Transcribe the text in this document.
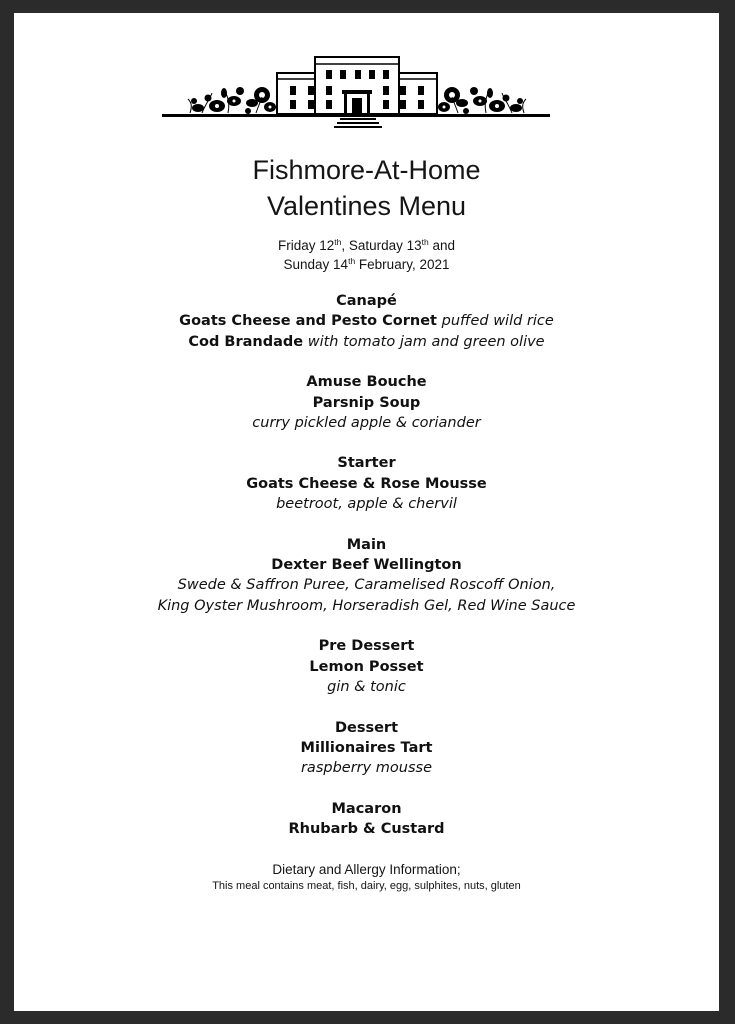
Fishmore-At-Home
Valentines Menu
Friday 12th, Saturday 13th and
Sunday 14th February, 2021
Canapé
Goats Cheese and Pesto Cornet puffed wild rice
Cod Brandade with tomato jam and green olive
Amuse Bouche
Parsnip Soup
curry pickled apple & coriander
Starter
Goats Cheese & Rose Mousse
beetroot, apple & chervil
Main
Dexter Beef Wellington
Swede & Saffron Puree, Caramelised Roscoff Onion,
King Oyster Mushroom, Horseradish Gel, Red Wine Sauce
Pre Dessert
Lemon Posset
gin & tonic
Dessert
Millionaires Tart
raspberry mousse
Macaron
Rhubarb & Custard
Dietary and Allergy Information;
This meal contains meat, fish, dairy, egg, sulphites, nuts, gluten
